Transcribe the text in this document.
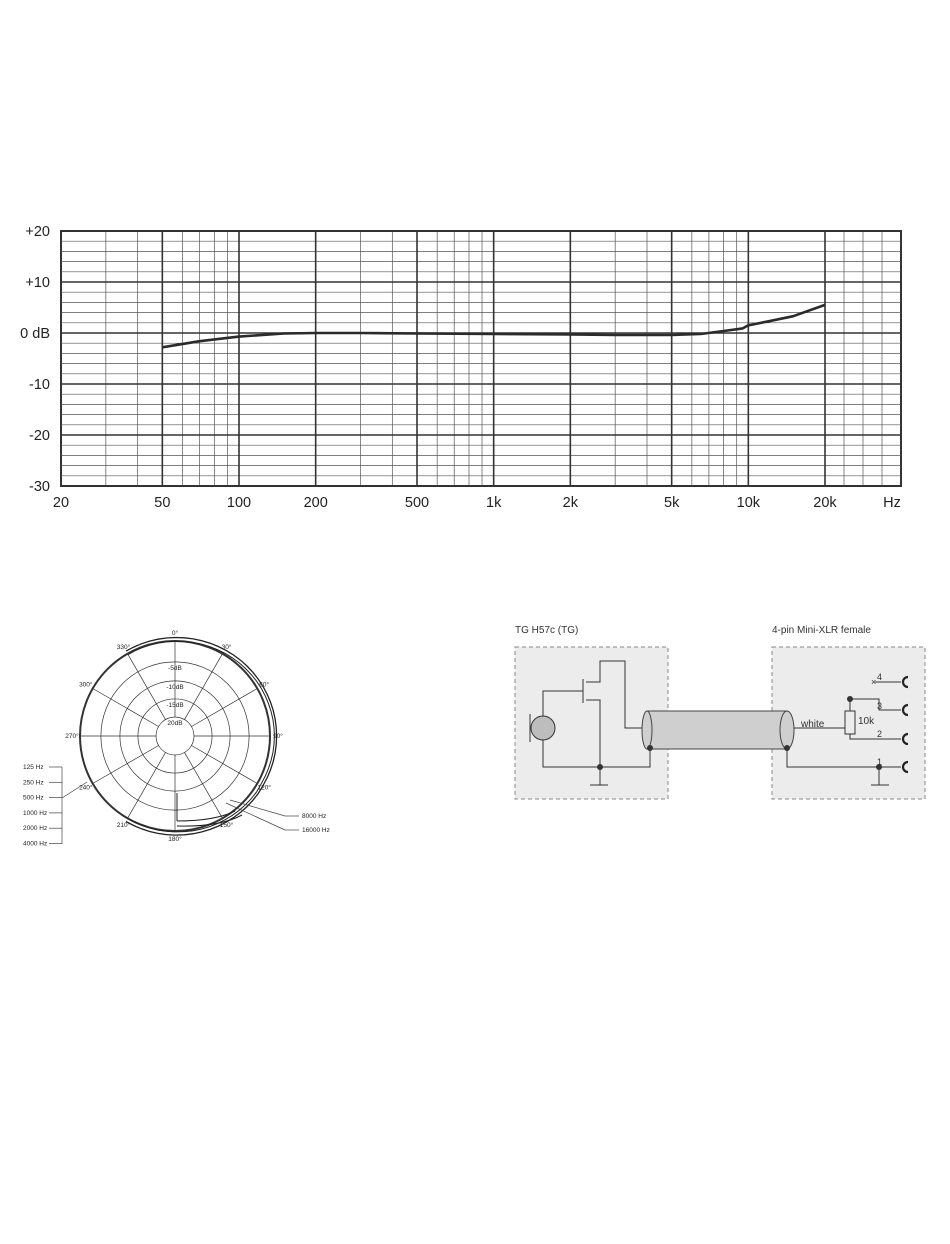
20	50	100	200	500	1k	2k	5k	10k	20k
+20
+10
0 dB
-10
-20
-30
Hz
0°
30°
60°
90°
120°
150°
180°
210°
240°
270°
300°
330°
-5dB
-10dB
-15dB
20dB
125 Hz
250 Hz
500 Hz
1000 Hz
2000 Hz
4000 Hz
8000 Hz
16000 Hz
TG H57c (TG)	4-pin Mini-XLR female
white	10k
4
3
2
1
×
